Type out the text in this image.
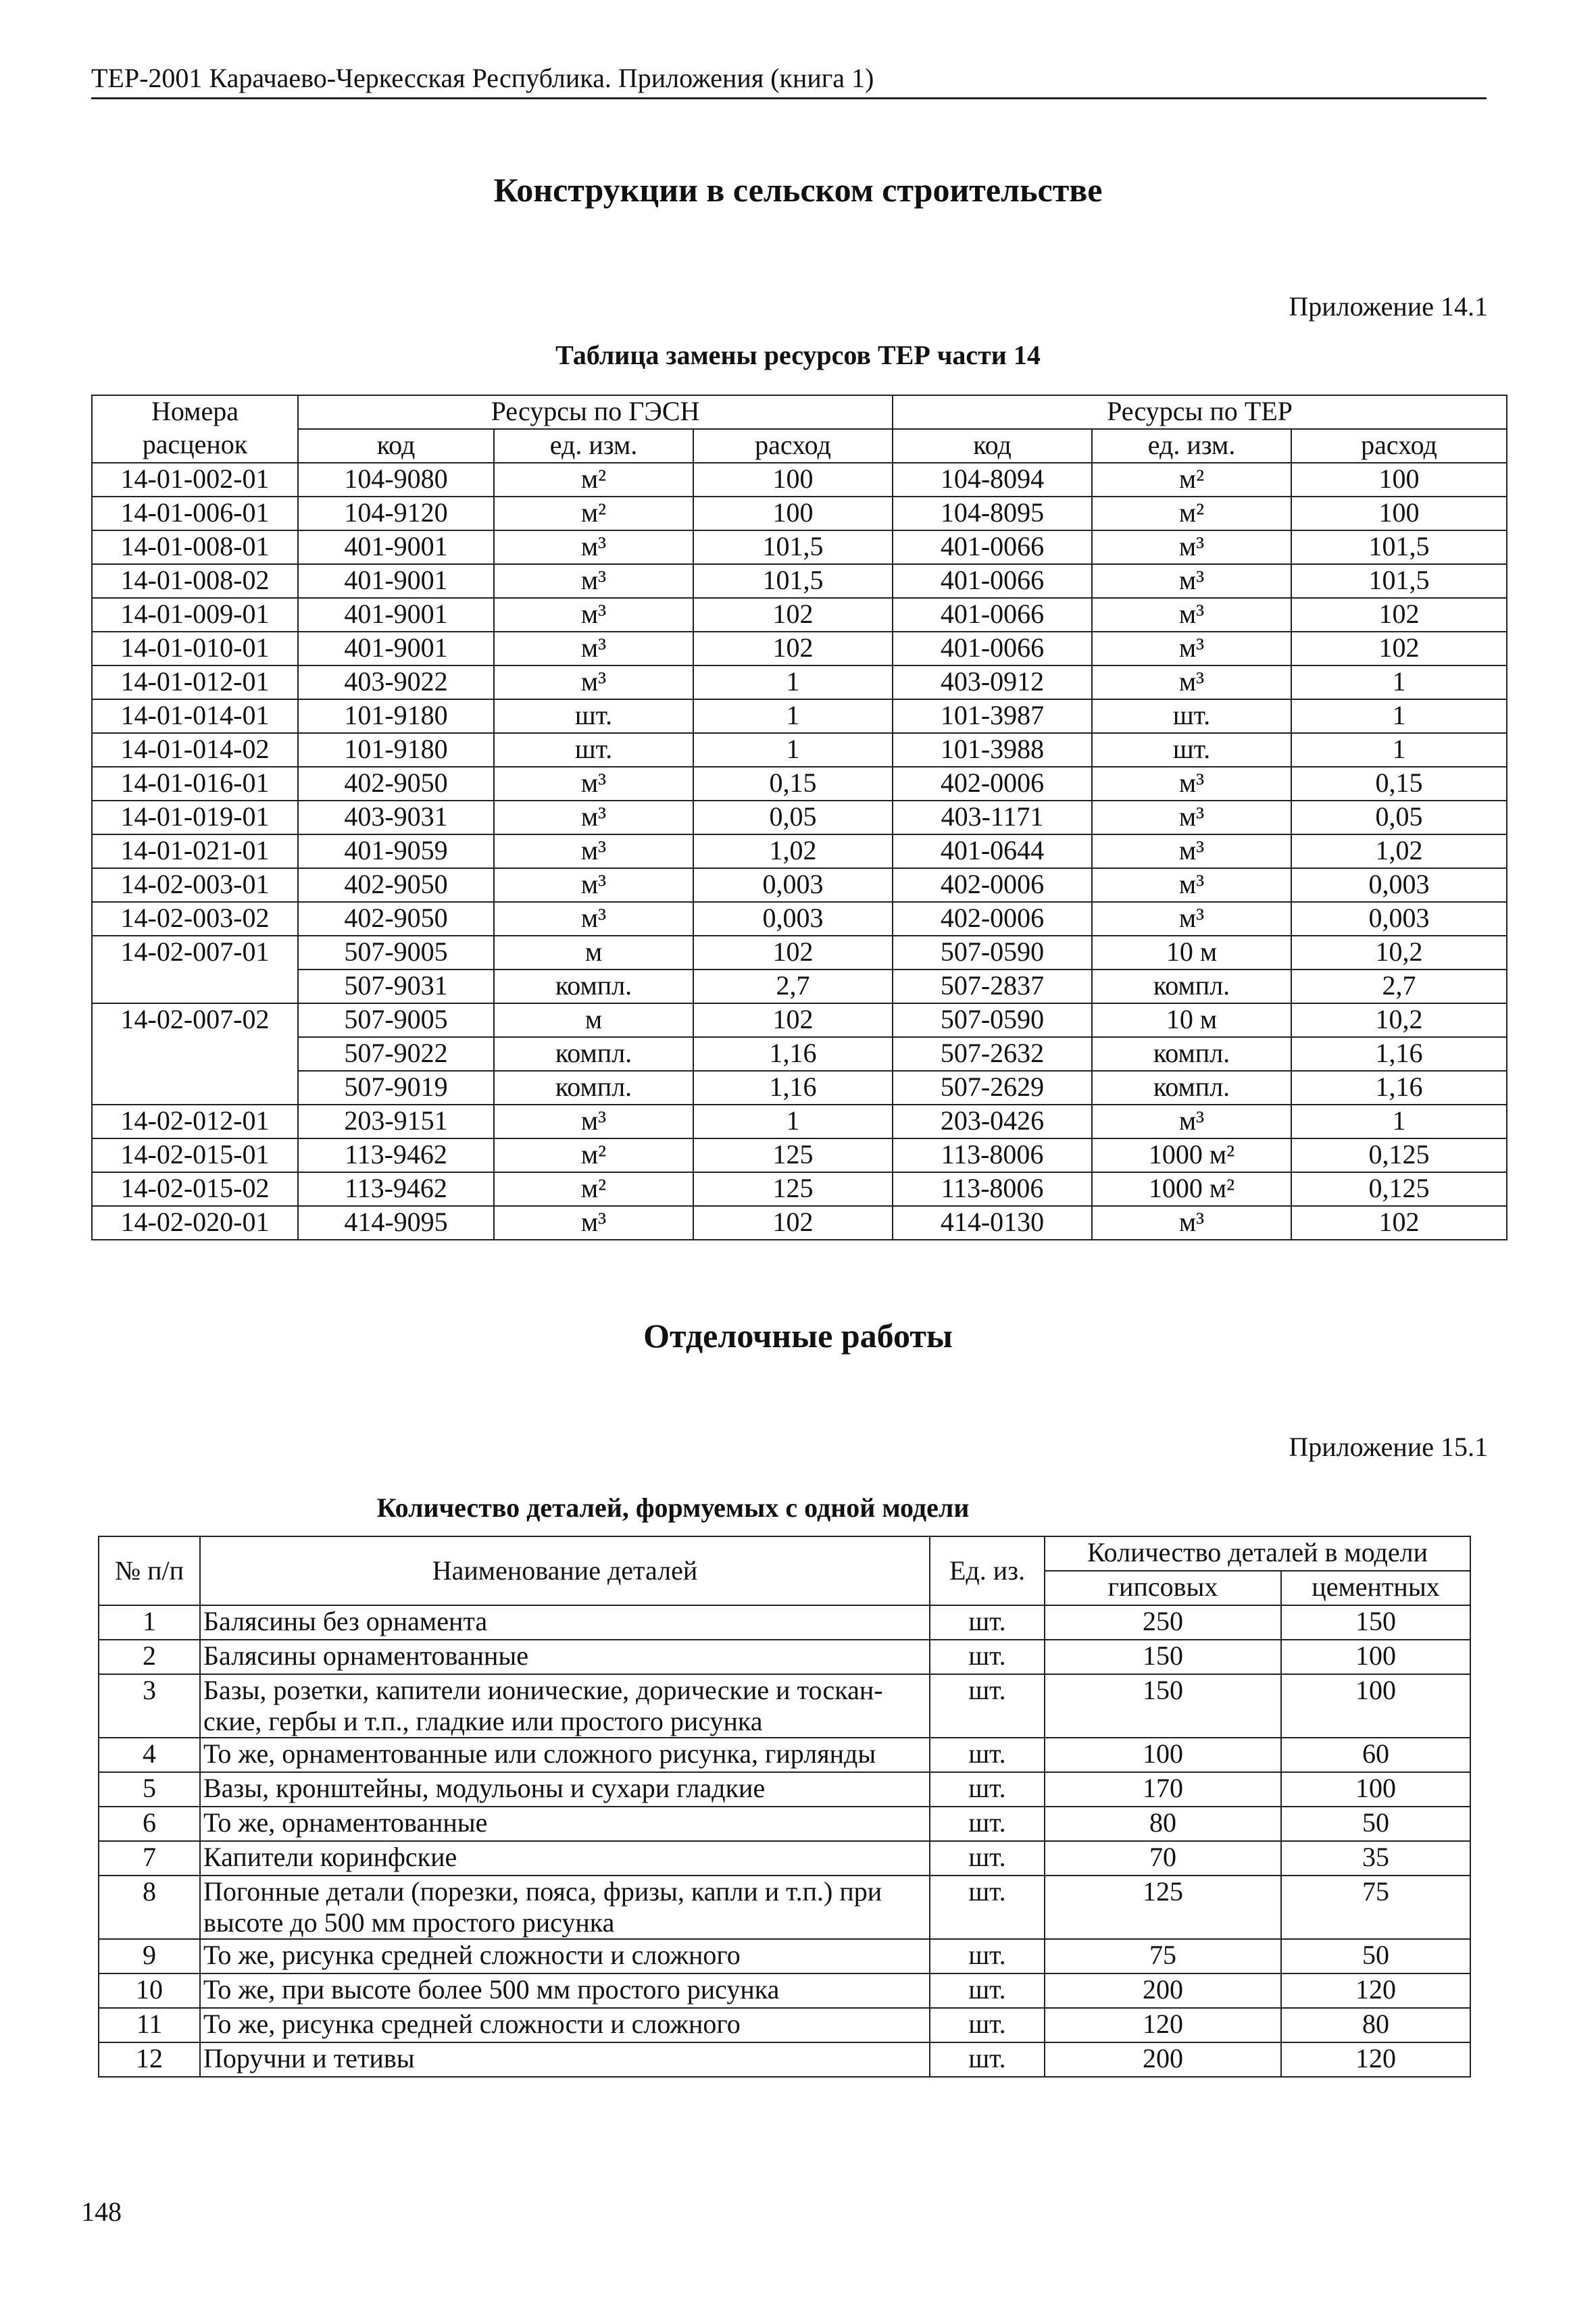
ТЕР-2001 Карачаево-Черкесская Республика. Приложения (книга 1)
Конструкции в сельском строительстве
Приложение 14.1
Таблица замены ресурсов ТЕР части 14
Номера	Ресурсы по ГЭСН			Ресурсы по ТЕР		
расценок	код	ед. изм.	расход	код	ед. изм.	расход
14-01-002-01	104-9080	м²	100	104-8094	м²	100
14-01-006-01	104-9120	м²	100	104-8095	м²	100
14-01-008-01	401-9001	м³	101,5	401-0066	м³	101,5
14-01-008-02	401-9001	м³	101,5	401-0066	м³	101,5
14-01-009-01	401-9001	м³	102	401-0066	м³	102
14-01-010-01	401-9001	м³	102	401-0066	м³	102
14-01-012-01	403-9022	м³	1	403-0912	м³	1
14-01-014-01	101-9180	шт.	1	101-3987	шт.	1
14-01-014-02	101-9180	шт.	1	101-3988	шт.	1
14-01-016-01	402-9050	м³	0,15	402-0006	м³	0,15
14-01-019-01	403-9031	м³	0,05	403-1171	м³	0,05
14-01-021-01	401-9059	м³	1,02	401-0644	м³	1,02
14-02-003-01	402-9050	м³	0,003	402-0006	м³	0,003
14-02-003-02	402-9050	м³	0,003	402-0006	м³	0,003
14-02-007-01	507-9005	м	102	507-0590	10 м	10,2
	507-9031	компл.	2,7	507-2837	компл.	2,7
14-02-007-02	507-9005	м	102	507-0590	10 м	10,2
	507-9022	компл.	1,16	507-2632	компл.	1,16
	507-9019	компл.	1,16	507-2629	компл.	1,16
14-02-012-01	203-9151	м³	1	203-0426	м³	1
14-02-015-01	113-9462	м²	125	113-8006	1000 м²	0,125
14-02-015-02	113-9462	м²	125	113-8006	1000 м²	0,125
14-02-020-01	414-9095	м³	102	414-0130	м³	102
Отделочные работы
Приложение 15.1
Количество деталей, формуемых с одной модели
№ п/п	Наименование деталей	Ед. из.	Количество деталей в модели	
			гипсовых	цементных
1	Балясины без орнамента	шт.	250	150
2	Балясины орнаментованные	шт.	150	100
3	Базы, розетки, капители ионические, дорические и тоскан-ские, гербы и т.п., гладкие или простого рисунка	шт.	150	100
4	То же, орнаментованные или сложного рисунка, гирлянды	шт.	100	60
5	Вазы, кронштейны, модульоны и сухари гладкие	шт.	170	100
6	То же, орнаментованные	шт.	80	50
7	Капители коринфские	шт.	70	35
8	Погонные детали (порезки, пояса, фризы, капли и т.п.) при высоте до 500 мм простого рисунка	шт.	125	75
9	То же, рисунка средней сложности и сложного	шт.	75	50
10	То же, при высоте более 500 мм простого рисунка	шт.	200	120
11	То же, рисунка средней сложности и сложного	шт.	120	80
12	Поручни и тетивы	шт.	200	120
148
